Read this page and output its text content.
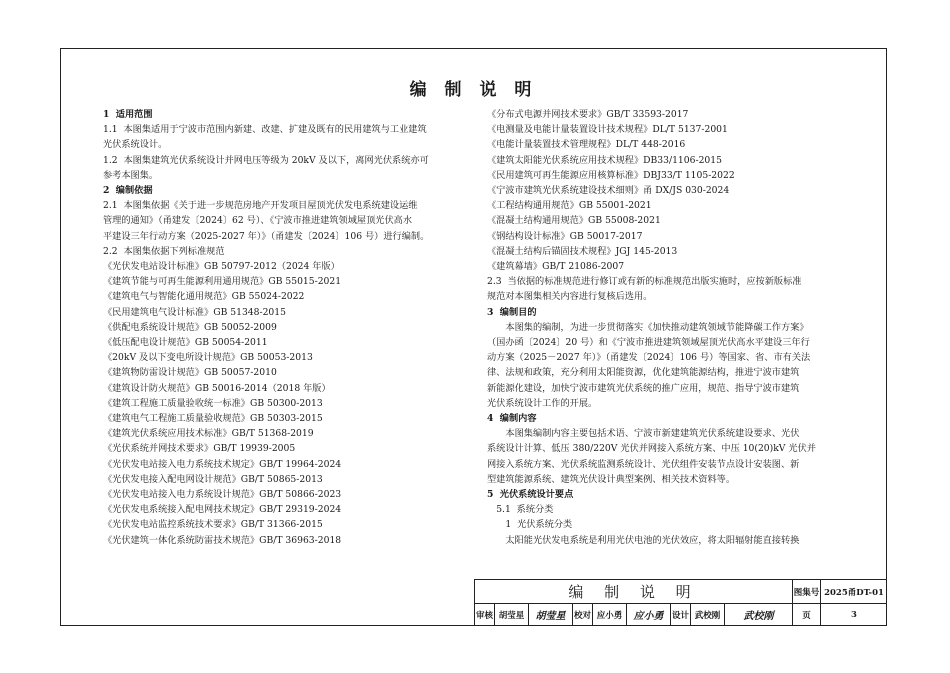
编 制 说 明
1  适用范围
1.1  本图集适用于宁波市范围内新建、改建、扩建及既有的民用建筑与工业建筑
光伏系统设计。
1.2  本图集建筑光伏系统设计并网电压等级为 20kV 及以下，离网光伏系统亦可
参考本图集。
2  编制依据
2.1  本图集依据《关于进一步规范房地产开发项目屋顶光伏发电系统建设运维
管理的通知》（甬建发〔2024〕62 号）、《宁波市推进建筑领域屋顶光伏高水
平建设三年行动方案（2025-2027 年）》（甬建发〔2024〕106 号）进行编制。
2.2  本图集依据下列标准规范
《光伏发电站设计标准》GB 50797-2012（2024 年版）
《建筑节能与可再生能源利用通用规范》GB 55015-2021
《建筑电气与智能化通用规范》GB 55024-2022
《民用建筑电气设计标准》GB 51348-2015
《供配电系统设计规范》GB 50052-2009
《低压配电设计规范》GB 50054-2011
《20kV 及以下变电所设计规范》GB 50053-2013
《建筑物防雷设计规范》GB 50057-2010
《建筑设计防火规范》GB 50016-2014（2018 年版）
《建筑工程施工质量验收统一标准》GB 50300-2013
《建筑电气工程施工质量验收规范》GB 50303-2015
《建筑光伏系统应用技术标准》GB/T 51368-2019
《光伏系统并网技术要求》GB/T 19939-2005
《光伏发电站接入电力系统技术规定》GB/T 19964-2024
《光伏发电接入配电网设计规范》GB/T 50865-2013
《光伏发电站接入电力系统设计规范》GB/T 50866-2023
《光伏发电系统接入配电网技术规定》GB/T 29319-2024
《光伏发电站监控系统技术要求》GB/T 31366-2015
《光伏建筑一体化系统防雷技术规范》GB/T 36963-2018
《分布式电源并网技术要求》GB/T 33593-2017
《电测量及电能计量装置设计技术规程》DL/T 5137-2001
《电能计量装置技术管理规程》DL/T 448-2016
《建筑太阳能光伏系统应用技术规程》DB33/1106-2015
《民用建筑可再生能源应用核算标准》DBJ33/T 1105-2022
《宁波市建筑光伏系统建设技术细则》甬 DX/JS 030-2024
《工程结构通用规范》GB 55001-2021
《混凝土结构通用规范》GB 55008-2021
《钢结构设计标准》GB 50017-2017
《混凝土结构后锚固技术规程》JGJ 145-2013
《建筑幕墙》GB/T 21086-2007
2.3  当依据的标准规范进行修订或有新的标准规范出版实施时，应按新版标准
规范对本图集相关内容进行复核后选用。
3  编制目的
本图集的编制，为进一步贯彻落实《加快推动建筑领域节能降碳工作方案》
（国办函〔2024〕20 号）和《宁波市推进建筑领域屋顶光伏高水平建设三年行
动方案（2025－2027 年）》（甬建发〔2024〕106 号）等国家、省、市有关法
律、法规和政策，充分利用太阳能资源，优化建筑能源结构，推进宁波市建筑
新能源化建设，加快宁波市建筑光伏系统的推广应用，规范、指导宁波市建筑
光伏系统设计工作的开展。
4  编制内容
本图集编制内容主要包括术语、宁波市新建建筑光伏系统建设要求、光伏
系统设计计算、低压 380/220V 光伏并网接入系统方案、中压 10(20)kV 光伏并
网接入系统方案、光伏系统监测系统设计、光伏组件安装节点设计安装图、新
型建筑能源系统、建筑光伏设计典型案例、相关技术资料等。
5  光伏系统设计要点
5.1  系统分类
1  光伏系统分类
太阳能光伏发电系统是利用光伏电池的光伏效应，将太阳辐射能直接转换
编 制 说 明	图集号 2025甬DT-01
审核 胡莹星	胡莹星 校对 应小勇	应小勇 设计 武校刚	武校刚	页	3
